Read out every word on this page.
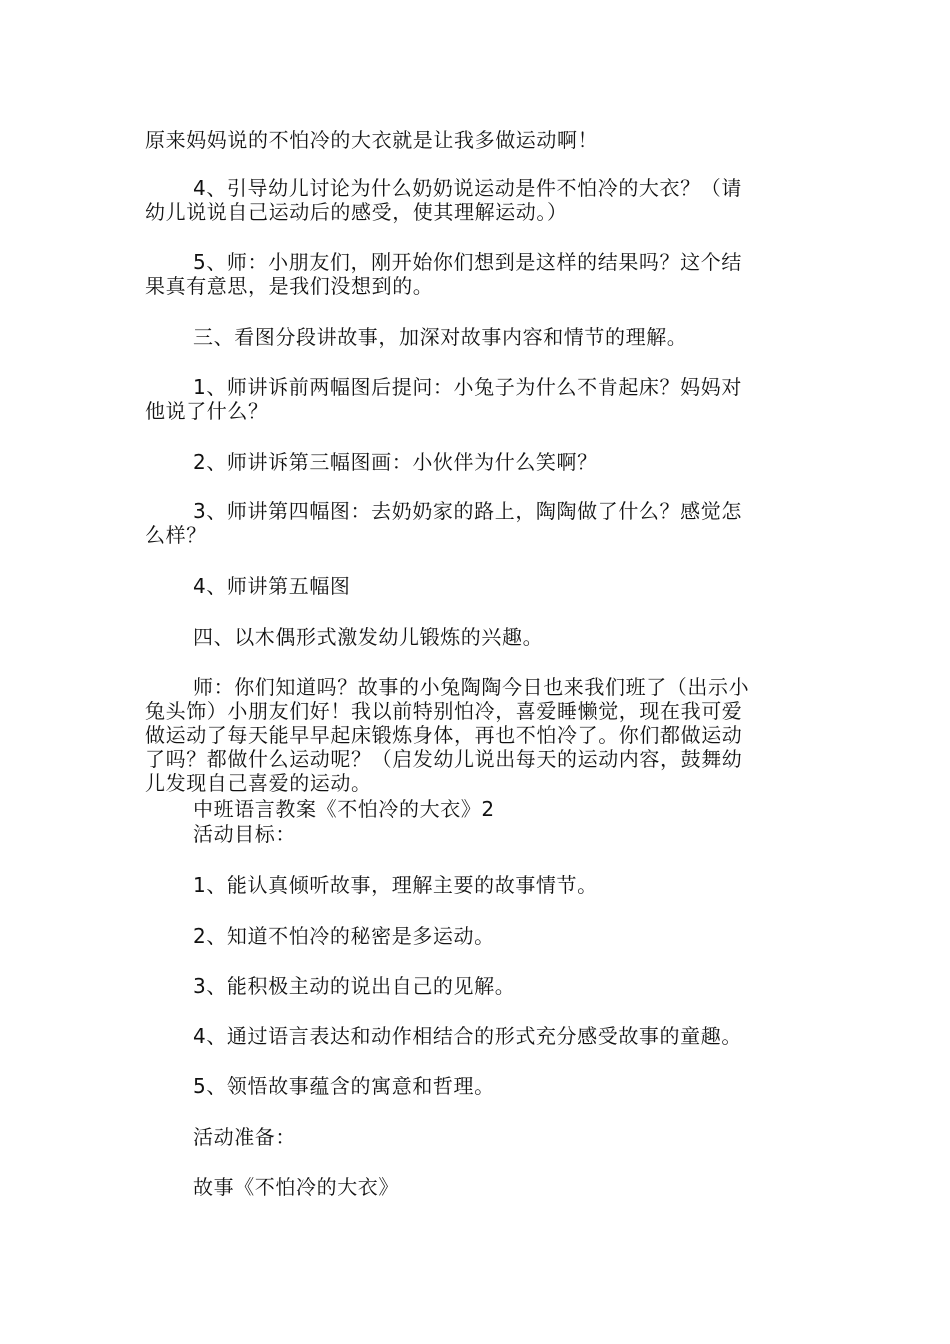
原来妈妈说的不怕冷的大衣就是让我多做运动啊！
4、引导幼儿讨论为什么奶奶说运动是件不怕冷的大衣？（请
幼儿说说自己运动后的感受，使其理解运动。）
5、师：小朋友们，刚开始你们想到是这样的结果吗？这个结
果真有意思，是我们没想到的。
三、看图分段讲故事，加深对故事内容和情节的理解。
1、师讲诉前两幅图后提问：小兔子为什么不肯起床？妈妈对
他说了什么？
2、师讲诉第三幅图画：小伙伴为什么笑啊？
3、师讲第四幅图：去奶奶家的路上，陶陶做了什么？感觉怎
么样？
4、师讲第五幅图
四、以木偶形式激发幼儿锻炼的兴趣。
师：你们知道吗？故事的小兔陶陶今日也来我们班了（出示小
兔头饰）小朋友们好！我以前特别怕冷，喜爱睡懒觉，现在我可爱
做运动了每天能早早起床锻炼身体，再也不怕冷了。你们都做运动
了吗？都做什么运动呢？（启发幼儿说出每天的运动内容，鼓舞幼
儿发现自己喜爱的运动。
中班语言教案《不怕冷的大衣》2
活动目标：
1、能认真倾听故事，理解主要的故事情节。
2、知道不怕冷的秘密是多运动。
3、能积极主动的说出自己的见解。
4、通过语言表达和动作相结合的形式充分感受故事的童趣。
5、领悟故事蕴含的寓意和哲理。
活动准备：
故事《不怕冷的大衣》
